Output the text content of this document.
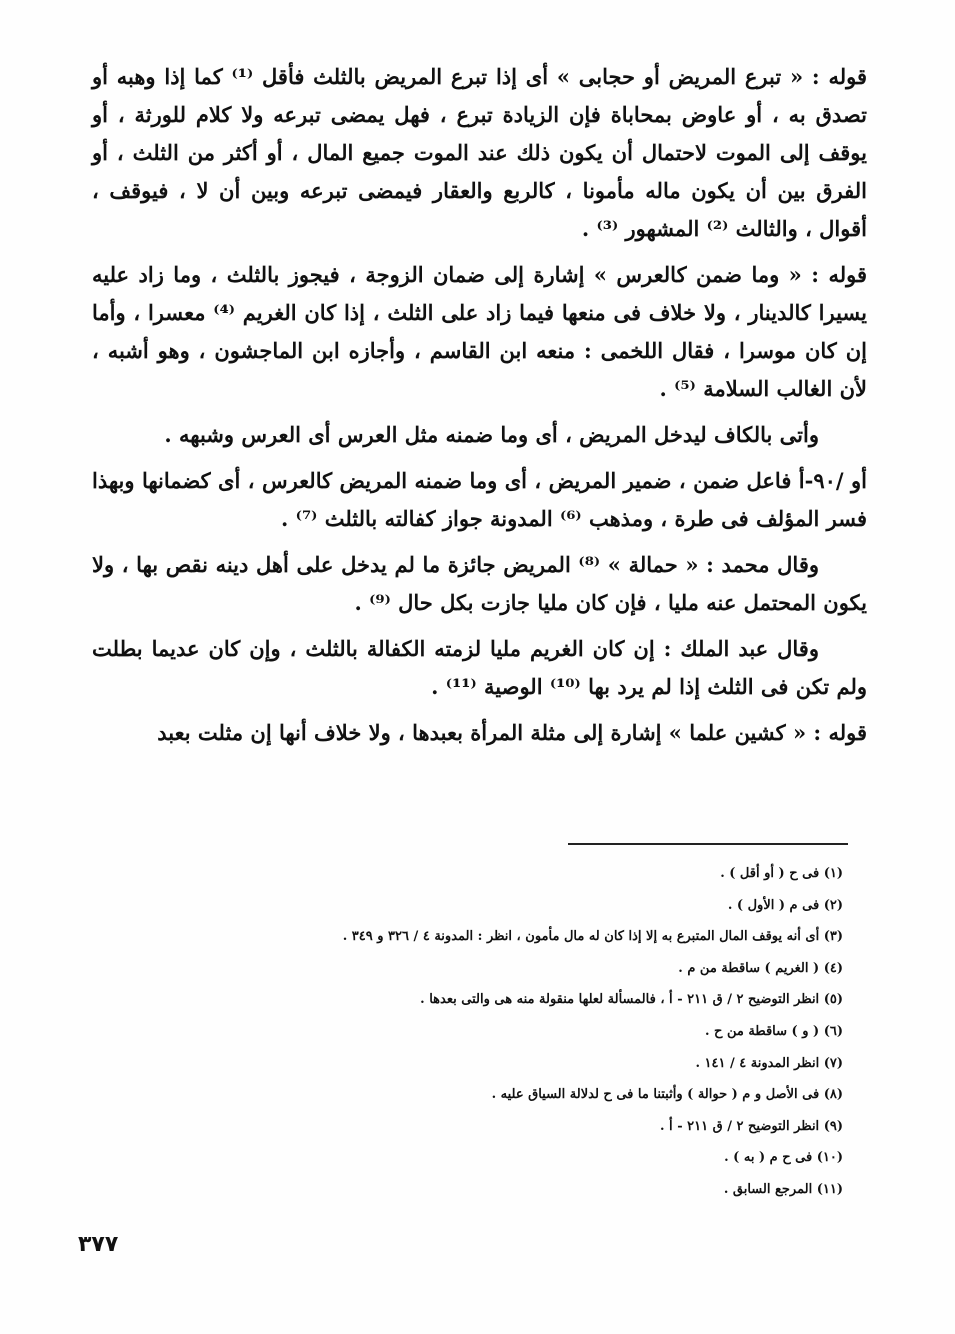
قوله : « تبرع المريض أو حجابى » أى إذا تبرع المريض بالثلث فأقل ⁽¹⁾ كما إذا وهبه أو تصدق به ، أو عاوض بمحاباة فإن الزيادة تبرع ، فهل يمضى تبرعه ولا كلام للورثة ، أو يوقف إلى الموت لاحتمال أن يكون ذلك عند الموت جميع المال ، أو أكثر من الثلث ، أو الفرق بين أن يكون ماله مأمونا ، كالربع والعقار فيمضى تبرعه وبين أن لا ، فيوقف ، أقوال ، والثالث ⁽²⁾ المشهور ⁽³⁾ .

قوله : « وما ضمن كالعرس » إشارة إلى ضمان الزوجة ، فيجوز بالثلث ، وما زاد عليه يسيرا كالدينار ، ولا خلاف فى منعها فيما زاد على الثلث ، إذا كان الغريم ⁽⁴⁾ معسرا ، وأما إن كان موسرا ، فقال اللخمى : منعه ابن القاسم ، وأجازه ابن الماجشون ، وهو أشبه ، لأن الغالب السلامة ⁽⁵⁾ .

وأتى بالكاف ليدخل المريض ، أى وما ضمنه مثل العرس أى العرس وشبهه .

أو /٩٠-أ فاعل ضمن ، ضمير المريض ، أى وما ضمنه المريض كالعرس ، أى كضمانها وبهذا فسر المؤلف فى طرة ، ومذهب ⁽⁶⁾ المدونة جواز كفالته بالثلث ⁽⁷⁾ .

وقال محمد : « حمالة » ⁽⁸⁾ المريض جائزة ما لم يدخل على أهل دينه نقص بها ، ولا يكون المحتمل عنه مليا ، فإن كان مليا جازت بكل حال ⁽⁹⁾ .

وقال عبد الملك : إن كان الغريم مليا لزمته الكفالة بالثلث ، وإن كان عديما بطلت ولم تكن فى الثلث إذا لم يرد بها ⁽¹⁰⁾ الوصية ⁽¹¹⁾ .

قوله : « كشين علما » إشارة إلى مثلة المرأة بعبدها ، ولا خلاف أنها إن مثلت بعبد

(١) فى ح ( أو أقل ) .
(٢) فى م ( الأول ) .
(٣) أى أنه يوقف المال المتبرع به إلا إذا كان له مال مأمون ، انظر : المدونة ٤ / ٣٢٦ و ٣٤٩ .
(٤) ( الغريم ) ساقطة من م .
(٥) انظر التوضيح ٢ / ق ٢١١ - أ ، فالمسألة لعلها منقولة منه هى والتى بعدها .
(٦) ( و ) ساقطة من ح .
(٧) انظر المدونة ٤ / ١٤١ .
(٨) فى الأصل و م ( حوالة ) وأثبتنا ما فى ح لدلالة السياق عليه .
(٩) انظر التوضيح ٢ / ق ٢١١ - أ .
(١٠) فى ح م ( به ) .
(١١) المرجع السابق .
٣٧٧
